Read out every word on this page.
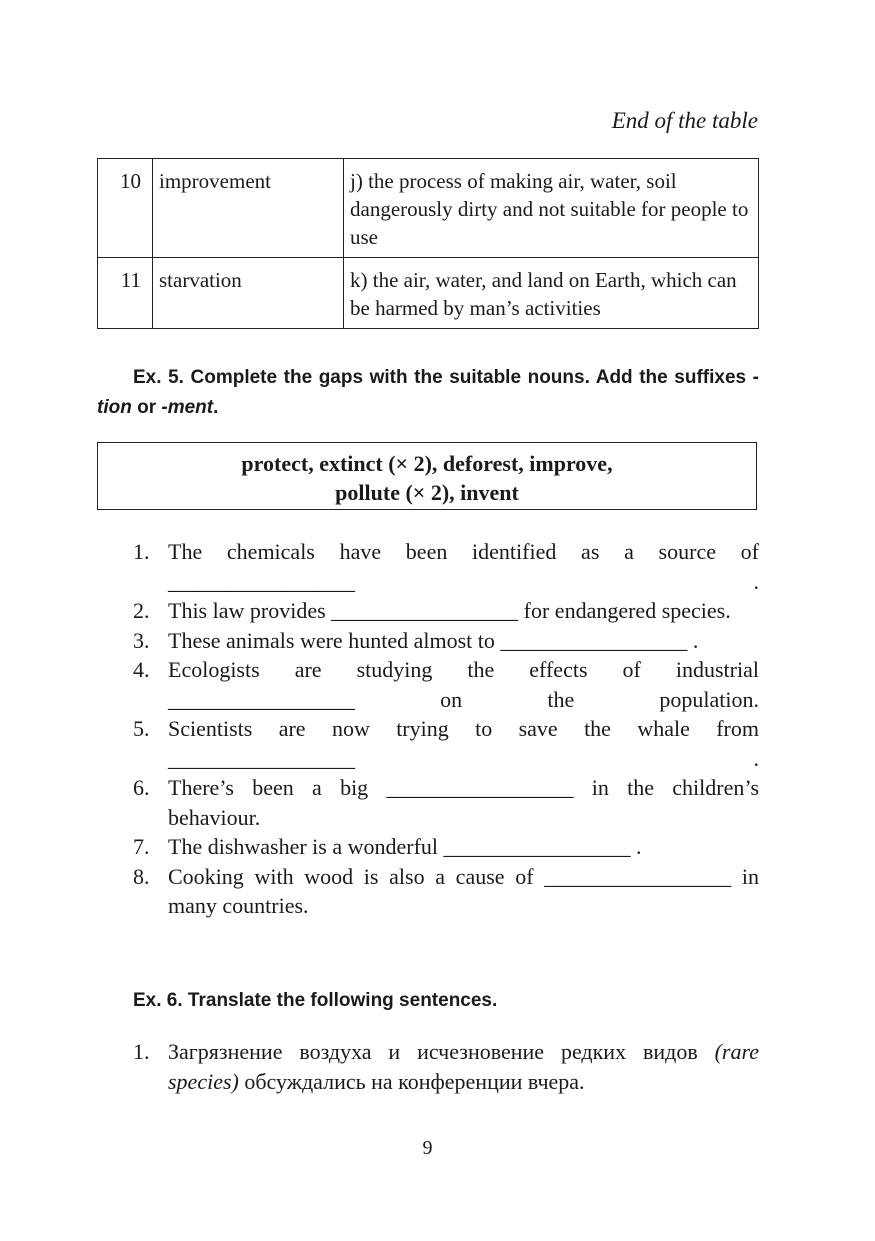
End of the table
10	improvement	j) the process of making air, water, soil dangerously dirty and not suitable for people to use
11	starvation	k) the air, water, and land on Earth, which can be harmed by man’s activities
Ex. 5. Complete the gaps with the suitable nouns. Add the suffixes -tion or -ment.
protect, extinct (× 2), deforest, improve,
pollute (× 2), invent
1. The chemicals have been identified as a source of _________________ .
2. This law provides _________________ for endangered species.
3. These animals were hunted almost to _________________ .
4. Ecologists are studying the effects of industrial _________________	on the population.
5. Scientists are now trying to save the whale from _________________ .
6. There’s been a big _________________ in the children’s behaviour.
7. The dishwasher is a wonderful _________________ .
8. Cooking with wood is also a cause of _________________ in many countries.
Ex. 6. Translate the following sentences.
1. Загрязнение воздуха и исчезновение редких видов (rare species) обсуждались на конференции вчера.
9
